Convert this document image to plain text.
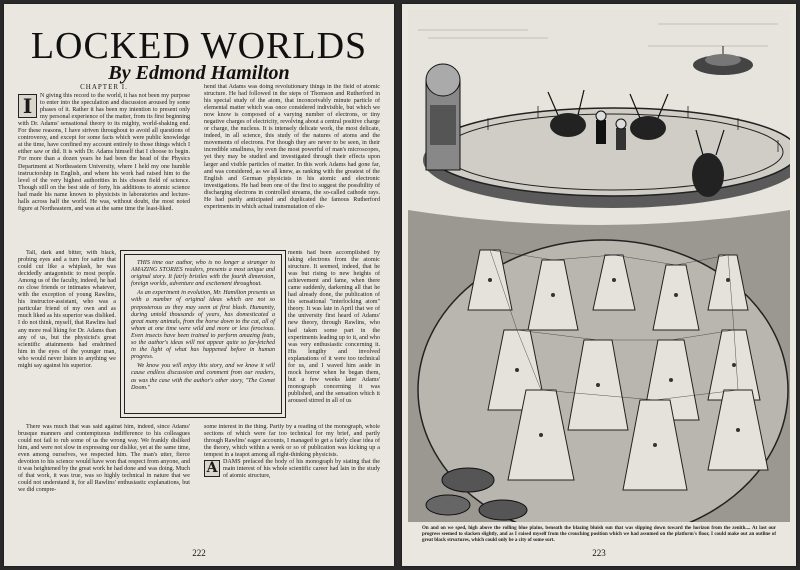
LOCKED WORLDS
By Edmond Hamilton
CHAPTER I.
I	N giving this record to the world, it has not been my purpose to enter into the speculation and discussion aroused by some phases of it. Rather it has been my intention to present only my personal experience of the matter, from its first beginning with Dr. Adams' sensational theory to its mighty, world-shaking end. For these reasons, I have striven throughout to avoid all questions of controversy, and except for some facts which were public knowledge at the time, have confined my account entirely to those things which I either saw or did. It is with Dr. Adams himself that I choose to begin. For more than a dozen years he had been the head of the Physics Department at Northeastern University, where I held my one humble instructorship in English, and where his work had raised him to the level of the very highest authorities in his chosen field of science. Though still on the best side of forty, his additions to atomic science had made his name known to physicists in laboratories and lecture-halls across half the world. He was, without doubt, the most noted figure at Northeastern, and was at the same time the least-liked.

hend that Adams was doing revolutionary things in the field of atomic structure. He had followed in the steps of Thomson and Rutherford in his special study of the atom, that inconceivably minute particle of elemental matter which was once considered indivisible, but which we now know is composed of a varying number of electrons, or tiny negative charges of electricity, revolving about a central positive charge or charge, the nucleus. It is intensely delicate work, the most delicate, indeed, in all science, this study of the natures of atoms and the movements of electrons. For though they are never to be seen, in their incredible smallness, by even the most powerful of man's microscopes, yet they may be studied and investigated through their effects upon larger and visible particles of matter. In this work Adams had gone far, and was considered, as we all knew, as ranking with the greatest of the English and German physicists in his atomic and electronic investigations. He had been one of the first to suggest the possibility of discharging electrons in controlled streams, the so-called cathode rays. He had partly anticipated and duplicated the famous Rutherford experiments in which actual transmutation of ele-

Tall, dark and bitter, with black, probing eyes and a turn for satire that could cut like a whiplash, he was decidedly antagonistic to most people. Among us of the faculty, indeed, he had no close friends or intimates whatever, with the exception of young Rawlins, his instructor-assistant, who was a particular friend of my own and as much liked as his superior was disliked. I do not think, myself, that Rawlins had any more real liking for Dr. Adams than any of us, but the physicist's great scientific attainments had enshrined him in the eyes of the younger man, who would never listen to anything we might say against his superior.

THIS time our author, who is no longer a stranger to AMAZING STORIES readers, presents a most unique and original story. It fairly bristles with the fourth dimension, foreign worlds, adventure and excitement throughout.

As an experiment in evolution, Mr. Hamilton presents us with a number of original ideas which are not so preposterous as they may seem at first blush. Humanity, during untold thousands of years, has domesticated a great many animals, from the horse down to the cat, all of whom at one time were wild and more or less ferocious. Even insects have been trained to perform amazing feats, so the author's ideas will not appear quite so far-fetched in the light of what has happened before in human progress.

We know you will enjoy this story, and we know it will cause endless discussion and comment from our readers, as was the case with the author's other story, "The Comet Doom."

ments had been accomplished by taking electrons from the atomic structure. It seemed, indeed, that he was but rising to new heights of achievement and fame, when there came suddenly, darkening all that he had already done, the publication of his sensational "interlocking atom" theory. It was late in April that we of the university first heard of Adams' new theory, through Rawlins, who had taken some part in the experiments leading up to it, and who was very enthusiastic concerning it. His lengthy and involved explanations of it were too technical for us, and I waved him aside in mock horror when he began them, but a few weeks later Adams' monograph concerning it was published, and the sensation which it aroused stirred in all of us

There was much that was said against him, indeed, since Adams' brusque manners and contemptuous indifference to his colleagues could not fail to rub some of us the wrong way. We frankly disliked him, and were not slow in expressing our dislike, yet at the same time, even among ourselves, we respected him. The man's utter, fierce devotion to his science would have won that respect from anyone, and it was heightened by the great work he had done and was doing. Much of that work, it was true, was so highly technical in nature that we could not understand it, for all Rawlins' enthusiastic explanations, but we did compre-

some interest in the thing. Partly by a reading of the monograph, whole sections of which were far too technical for my brief, and partly through Rawlins' eager accounts, I managed to get a fairly clear idea of the theory, which within a week or so of publication was kicking up a tempest in a teapot among all right-thinking physicists.

A DAMS prefaced the body of his monograph by stating that the main interest of his whole scientific career had lain in the study of atomic structure,

222
On and on we sped, high above the rolling blue plains, beneath the blazing bluish sun that was slipping down toward the horizon from the zenith.... At last our progress seemed to slacken slightly, and as I raised myself from the crouching position which we had assumed on the platform's floor, I could make out an outline of great black structures, which could only be a city of some sort.
223
